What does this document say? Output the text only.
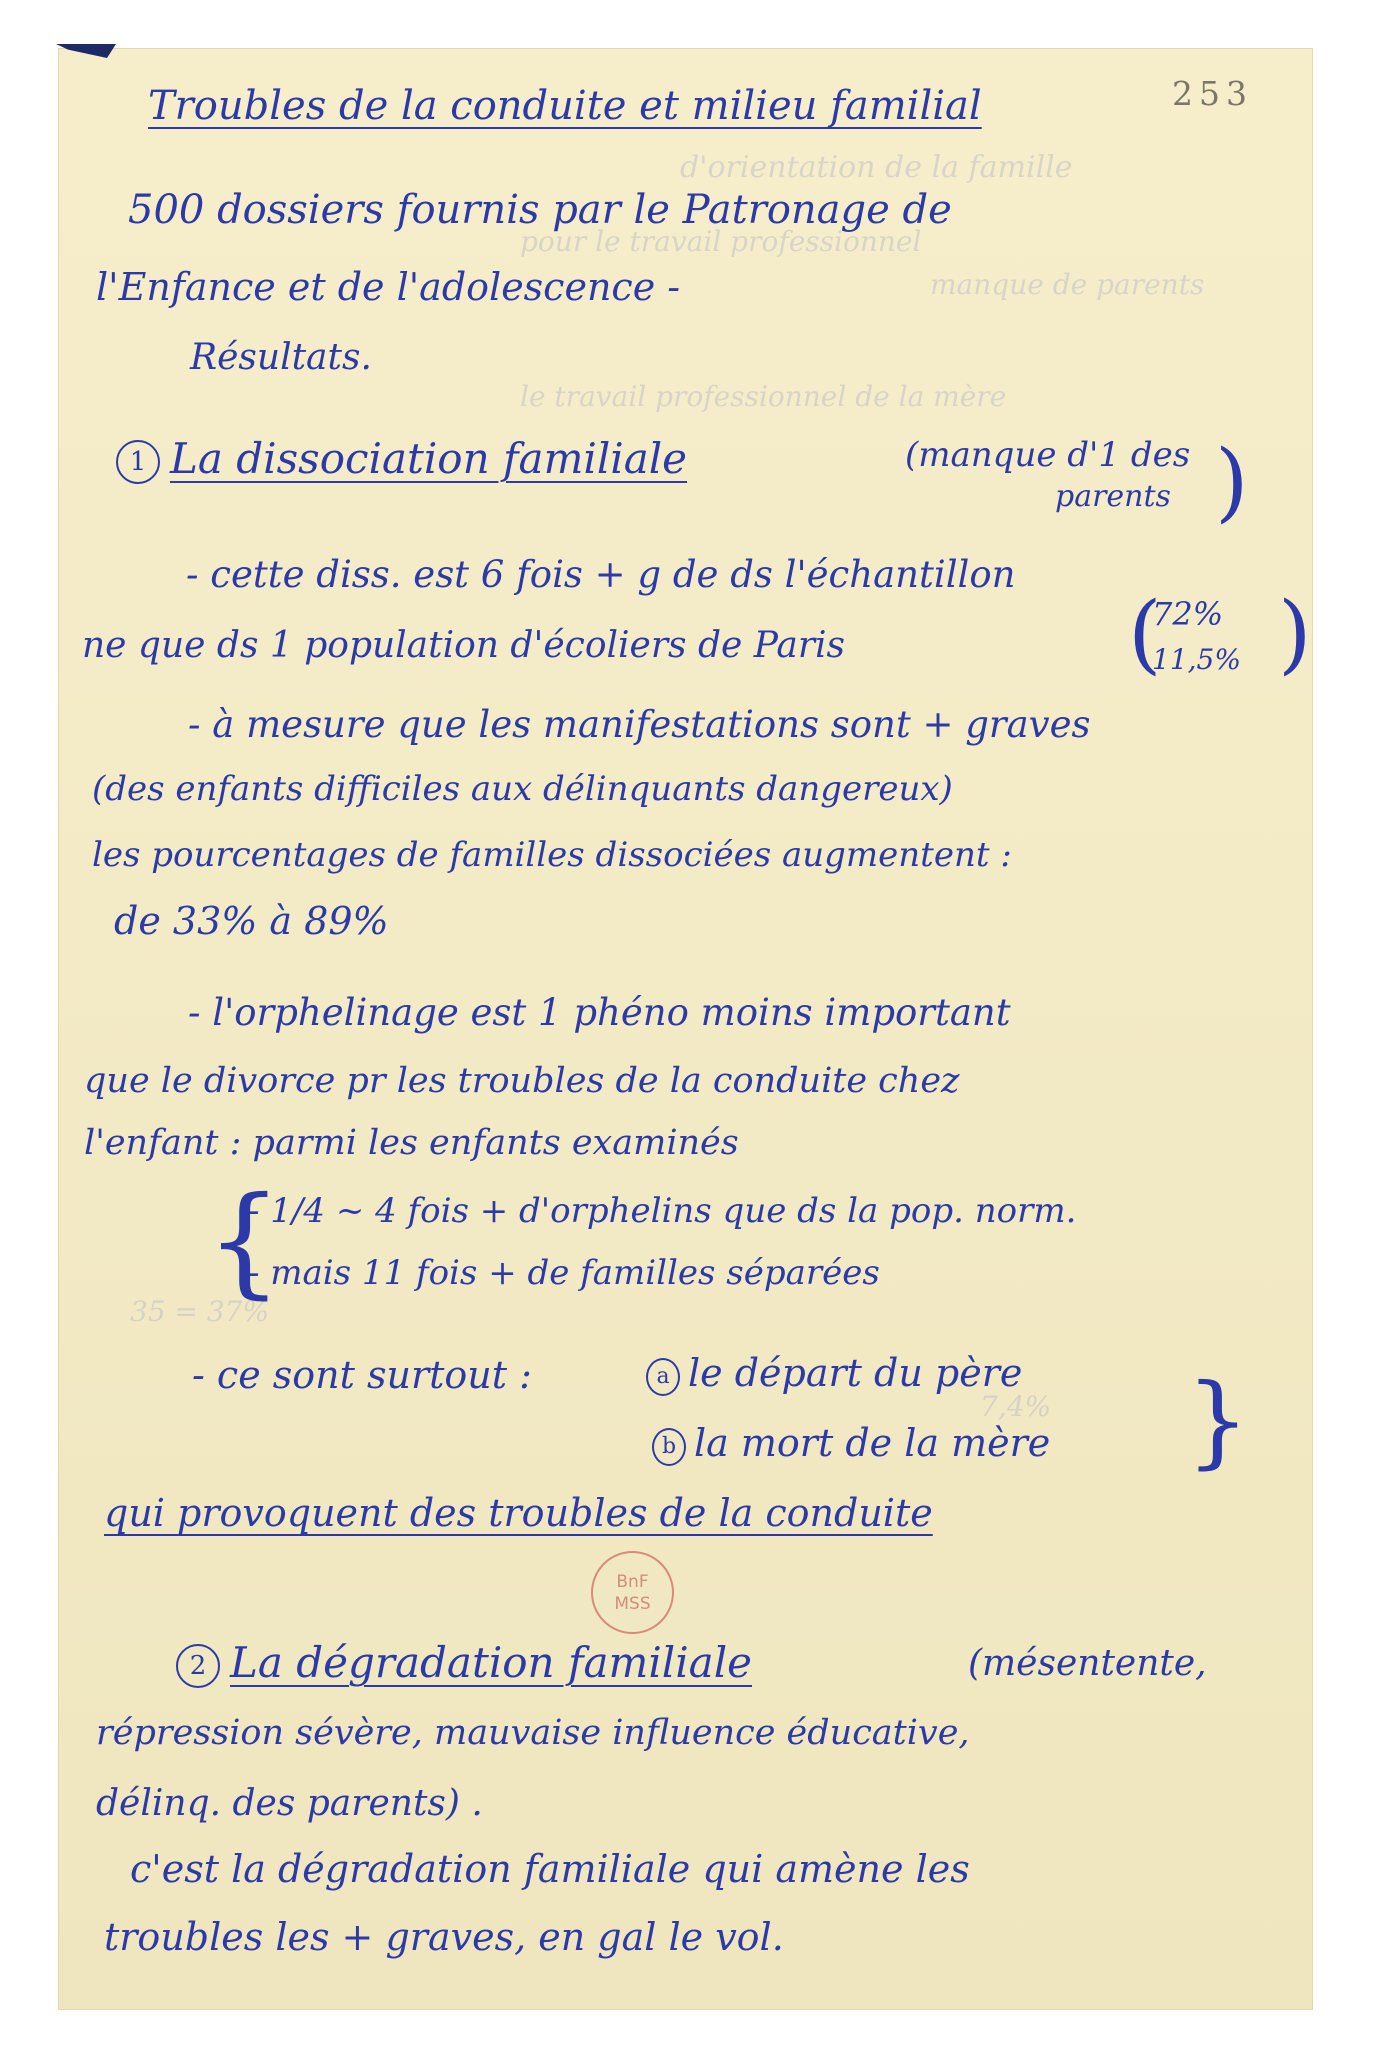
d'orientation de la famille
pour le travail professionnel
manque de parents
le travail professionnel de la mère
7,4%
35 = 37%
253
Troubles de la conduite et milieu familial
500 dossiers fournis par le Patronage de
l'Enfance et de l'adolescence -
Résultats.
1 La dissociation familiale	(manque d'1 des
parents )
- cette diss. est 6 fois + g de ds l'échantillon
ne que ds 1 population d'écoliers de Paris
72%
11,5%
( )
- à mesure que les manifestations sont + graves
(des enfants difficiles aux délinquants dangereux)
les pourcentages de familles dissociées augmentent :
de 33% à 89%
- l'orphelinage est 1 phéno moins important
que le divorce pr les troubles de la conduite chez
l'enfant : parmi les enfants examinés
{
- 1/4 ~ 4 fois + d'orphelins que ds la pop. norm.
- mais 11 fois + de familles séparées
- ce sont surtout :	a le départ du père
b la mort de la mère }
qui provoquent des troubles de la conduite
BnF
MSS
2 La dégradation familiale	(mésentente,
répression sévère, mauvaise influence éducative,
délinq. des parents) .
c'est la dégradation familiale qui amène les
troubles les + graves, en gal le vol.
